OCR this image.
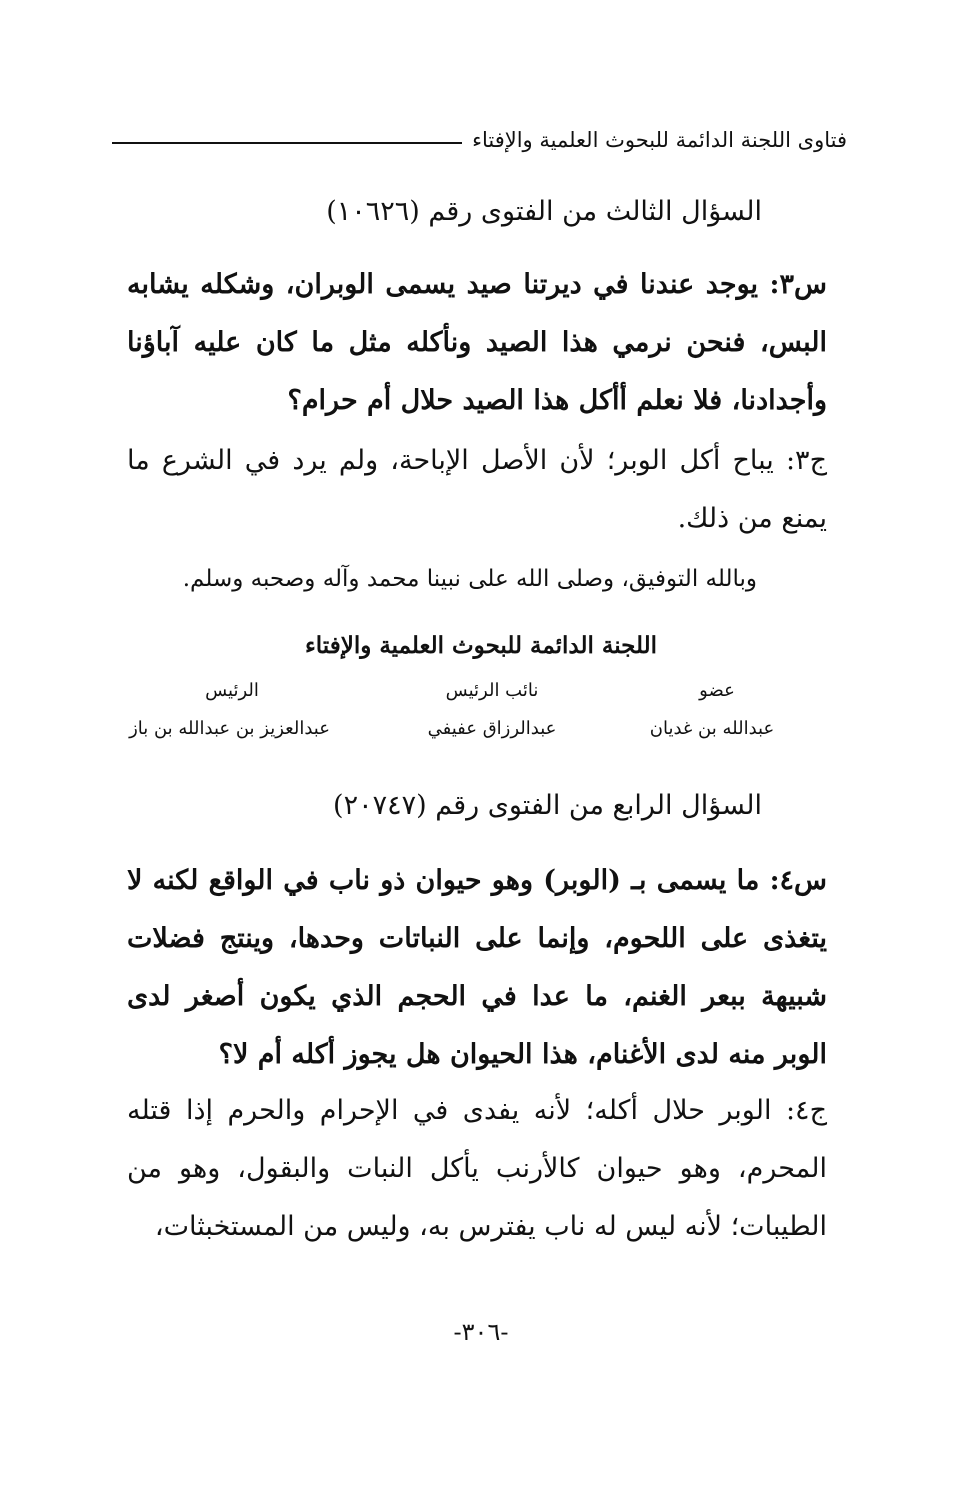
فتاوى اللجنة الدائمة للبحوث العلمية والإفتاء
السؤال الثالث من الفتوى رقم (١٠٦٢٦)
س٣: يوجد عندنا في ديرتنا صيد يسمى الوبران، وشكله يشابه البس، فنحن نرمي هذا الصيد ونأكله مثل ما كان عليه آباؤنا وأجدادنا، فلا نعلم أأكل هذا الصيد حلال أم حرام؟
ج٣: يباح أكل الوبر؛ لأن الأصل الإباحة، ولم يرد في الشرع ما يمنع من ذلك.
وبالله التوفيق، وصلى الله على نبينا محمد وآله وصحبه وسلم.
اللجنة الدائمة للبحوث العلمية والإفتاء
عضو
نائب الرئيس
الرئيس
عبدالله بن غديان
عبدالرزاق عفيفي
عبدالعزيز بن عبدالله بن باز
السؤال الرابع من الفتوى رقم (٢٠٧٤٧)
س٤: ما يسمى بـ (الوبر) وهو حيوان ذو ناب في الواقع لكنه لا يتغذى على اللحوم، وإنما على النباتات وحدها، وينتج فضلات شبيهة ببعر الغنم، ما عدا في الحجم الذي يكون أصغر لدى الوبر منه لدى الأغنام، هذا الحيوان هل يجوز أكله أم لا؟
ج٤: الوبر حلال أكله؛ لأنه يفدى في الإحرام والحرم إذا قتله المحرم، وهو حيوان كالأرنب يأكل النبات والبقول، وهو من الطيبات؛ لأنه ليس له ناب يفترس به، وليس من المستخبثات،
-٣٠٦-
